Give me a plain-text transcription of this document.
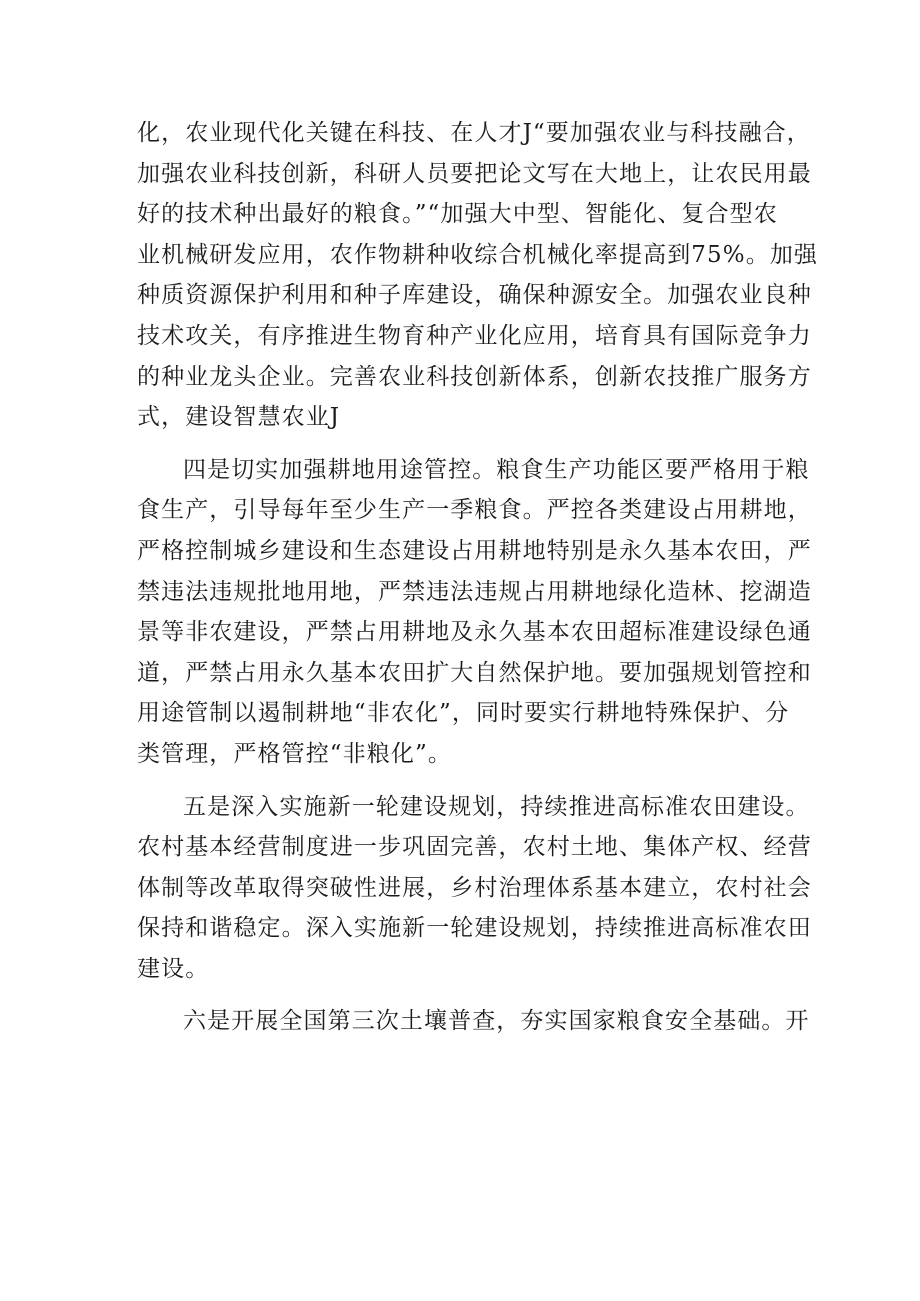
化，农业现代化关键在科技、在人才J“要加强农业与科技融合，
加强农业科技创新，科研人员要把论文写在大地上，让农民用最
好的技术种出最好的粮食。”“加强大中型、智能化、复合型农
业机械研发应用，农作物耕种收综合机械化率提高到75%。加强
种质资源保护利用和种子库建设，确保种源安全。加强农业良种
技术攻关，有序推进生物育种产业化应用，培育具有国际竞争力
的种业龙头企业。完善农业科技创新体系，创新农技推广服务方
式，建设智慧农业J
四是切实加强耕地用途管控。粮食生产功能区要严格用于粮
食生产，引导每年至少生产一季粮食。严控各类建设占用耕地，
严格控制城乡建设和生态建设占用耕地特别是永久基本农田，严
禁违法违规批地用地，严禁违法违规占用耕地绿化造林、挖湖造
景等非农建设，严禁占用耕地及永久基本农田超标准建设绿色通
道，严禁占用永久基本农田扩大自然保护地。要加强规划管控和
用途管制以遏制耕地“非农化”，同时要实行耕地特殊保护、分
类管理，严格管控“非粮化”。
五是深入实施新一轮建设规划，持续推进高标准农田建设。
农村基本经营制度进一步巩固完善，农村土地、集体产权、经营
体制等改革取得突破性进展，乡村治理体系基本建立，农村社会
保持和谐稳定。深入实施新一轮建设规划，持续推进高标准农田
建设。
六是开展全国第三次土壤普查，夯实国家粮食安全基础。开
